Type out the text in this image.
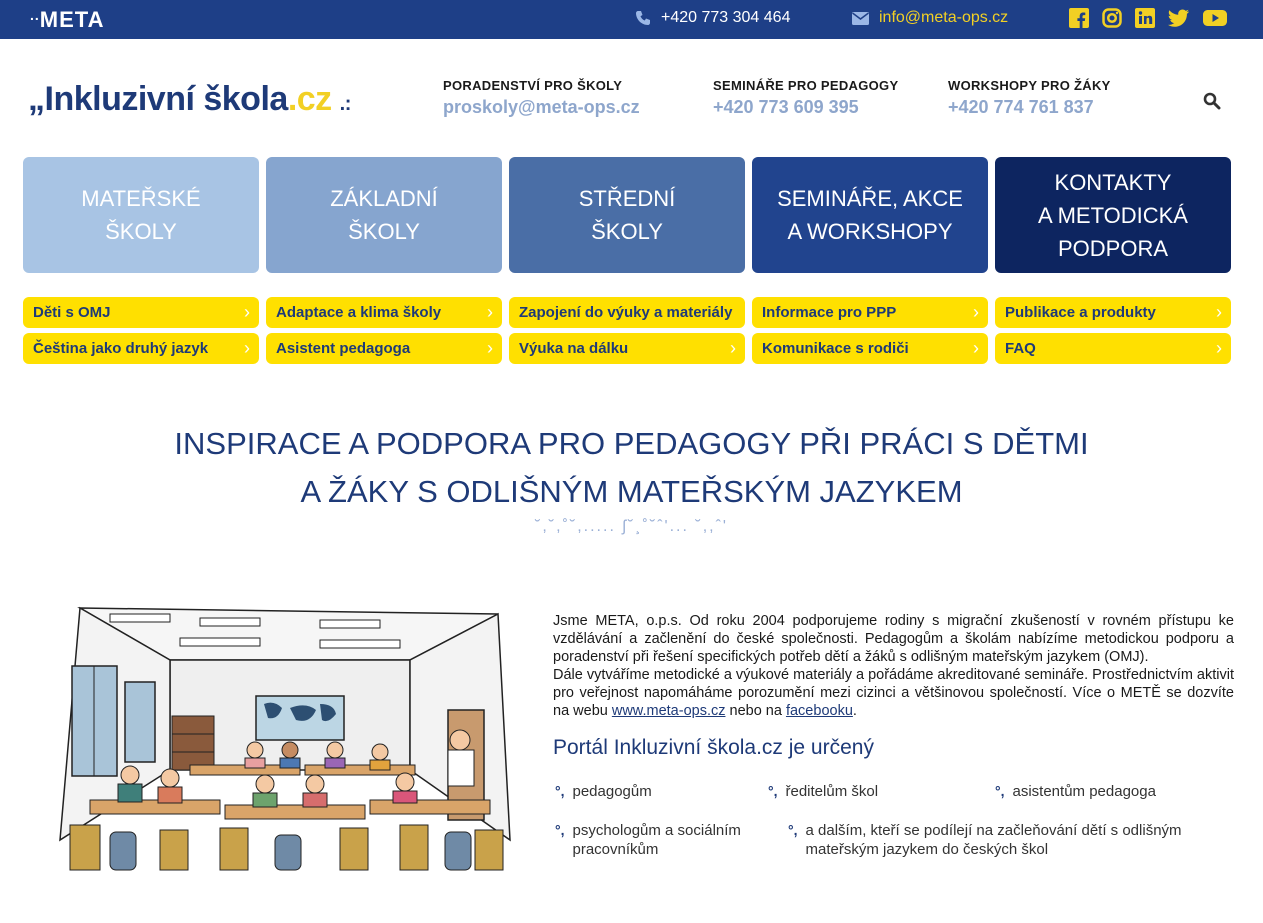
..META	+420 773 304 464	info@meta-ops.cz
„Inkluzivní škola.cz .:
PORADENSTVÍ PRO ŠKOLY
proskoly@meta-ops.cz
SEMINÁŘE PRO PEDAGOGY
+420 773 609 395
WORKSHOPY PRO ŽÁKY
+420 774 761 837
MATEŘSKÉ
ŠKOLY
ZÁKLADNÍ
ŠKOLY
STŘEDNÍ
ŠKOLY
SEMINÁŘE, AKCE
A WORKSHOPY
KONTAKTY
A METODICKÁ
PODPORA
Děti s OMJ	›	Adaptace a klima školy	›	Zapojení do výuky a materiály	Informace pro PPP	›	Publikace a produkty	›
Čeština jako druhý jazyk ›	Asistent pedagoga	›	Výuka na dálku	›	Komunikace s rodiči	›	FAQ	›
INSPIRACE A PODPORA PRO PEDAGOGY PŘI PRÁCI S DĚTMI
A ŽÁKY S ODLIŠNÝM MATEŘSKÝM JAZYKEM
˘,˘,˚˘,..... ʃ˘¸˚˘ˆ'... ˘,,ˆ'
Jsme META, o.p.s. Od roku 2004 podporujeme rodiny s migrační zkušeností v rovném přístupu ke vzdělávání a začlenění do české společnosti. Pedagogům a školám nabízíme metodickou podporu a poradenství při řešení specifických potřeb dětí a žáků s odlišným mateřským jazykem (OMJ).
Dále vytváříme metodické a výukové materiály a pořádáme akreditované semináře. Prostřednictvím aktivit pro veřejnost napomáháme porozumění mezi cizinci a většinovou společností. Více o METĚ se dozvíte na webu www.meta-ops.cz nebo na facebooku.
Portál Inkluzivní škola.cz je určený
°, pedagogům	°, ředitelům škol	°, asistentům pedagoga
°, psychologům a sociálním pracovníkům
°, a dalším, kteří se podílejí na začleňování dětí s odlišným mateřským jazykem do českých škol
